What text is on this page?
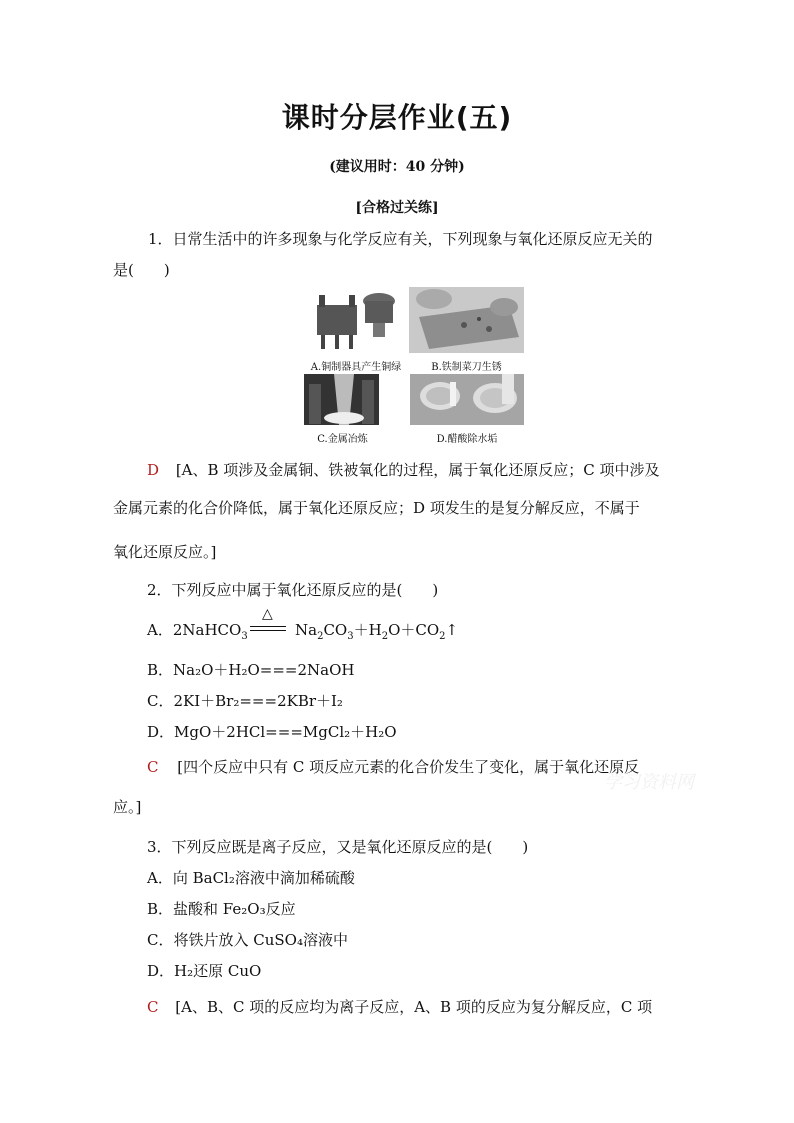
课时分层作业(五)
(建议用时：40 分钟)
[合格过关练]
1．日常生活中的许多现象与化学反应有关，下列现象与氧化还原反应无关的
是(　　)
A.铜制器具产生铜绿	B.铁制菜刀生锈
C.金属冶炼	D.醋酸除水垢
D [A、B 项涉及金属铜、铁被氧化的过程，属于氧化还原反应；C 项中涉及
金属元素的化合价降低，属于氧化还原反应；D 项发生的是复分解反应，不属于
氧化还原反应。]
2．下列反应中属于氧化还原反应的是(　　)
A．2NaHCO$_3$
△
$Na_2CO_3+H_2O+CO_2↑$
B．Na₂O＋H₂O===2NaOH
C．2KI＋Br₂===2KBr＋I₂
D．MgO＋2HCl===MgCl₂＋H₂O
C [四个反应中只有 C 项反应元素的化合价发生了变化，属于氧化还原反
应。]
学习资料网
3．下列反应既是离子反应，又是氧化还原反应的是(　　)
A．向 BaCl₂溶液中滴加稀硫酸
B．盐酸和 Fe₂O₃反应
C．将铁片放入 CuSO₄溶液中
D．H₂还原 CuO
C [A、B、C 项的反应均为离子反应，A、B 项的反应为复分解反应，C 项
